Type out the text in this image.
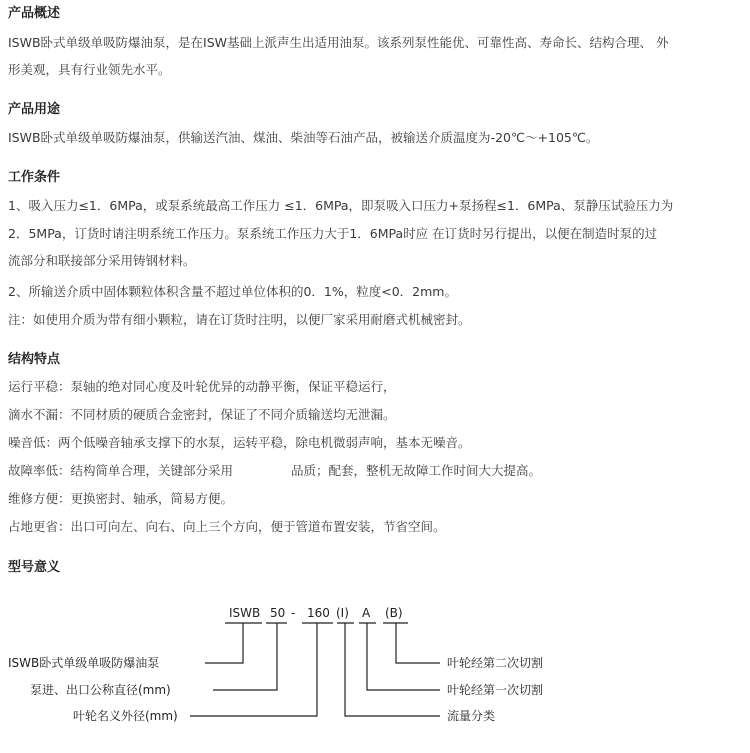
产品概述
ISWB卧式单级单吸防爆油泵，是在ISW基础上派声生出适用油泵。该系列泵性能优、可靠性高、寿命长、结构合理、 外
形美观，具有行业领先水平。
产品用途
ISWB卧式单级单吸防爆油泵，供输送汽油、煤油、柴油等石油产品，被输送介质温度为-20℃～+105℃。
工作条件
1、吸入压力≤1．6MPa，或泵系统最高工作压力 ≤1．6MPa，即泵吸入口压力+泵扬程≤1．6MPa、泵静压试验压力为
2．5MPa，订货时请注明系统工作压力。泵系统工作压力大于1．6MPa时应 在订货时另行提出，以便在制造时泵的过
流部分和联接部分采用铸钢材料。
2、所输送介质中固体颗粒体积含量不超过单位体积的0．1%，粒度<0．2mm。
注：如使用介质为带有细小颗粒，请在订货时注明，以便厂家采用耐磨式机械密封。
结构特点
运行平稳：泵轴的绝对同心度及叶轮优异的动静平衡，保证平稳运行，
滴水不漏：不同材质的硬质合金密封，保证了不同介质输送均无泄漏。
噪音低：两个低噪音轴承支撑下的水泵，运转平稳，除电机微弱声响，基本无噪音。
故障率低：结构简单合理，关键部分采用	品质；配套，整机无故障工作时间大大提高。
维修方便：更换密封、轴承，简易方便。
占地更省：出口可向左、向右、向上三个方向，便于管道布置安装，节省空间。
型号意义
ISWB 50 - 160 (I) A (B)
ISWB卧式单级单吸防爆油泵
泵进、出口公称直径(mm)
叶轮名义外径(mm)
叶轮经第二次切割
叶轮经第一次切割
流量分类
